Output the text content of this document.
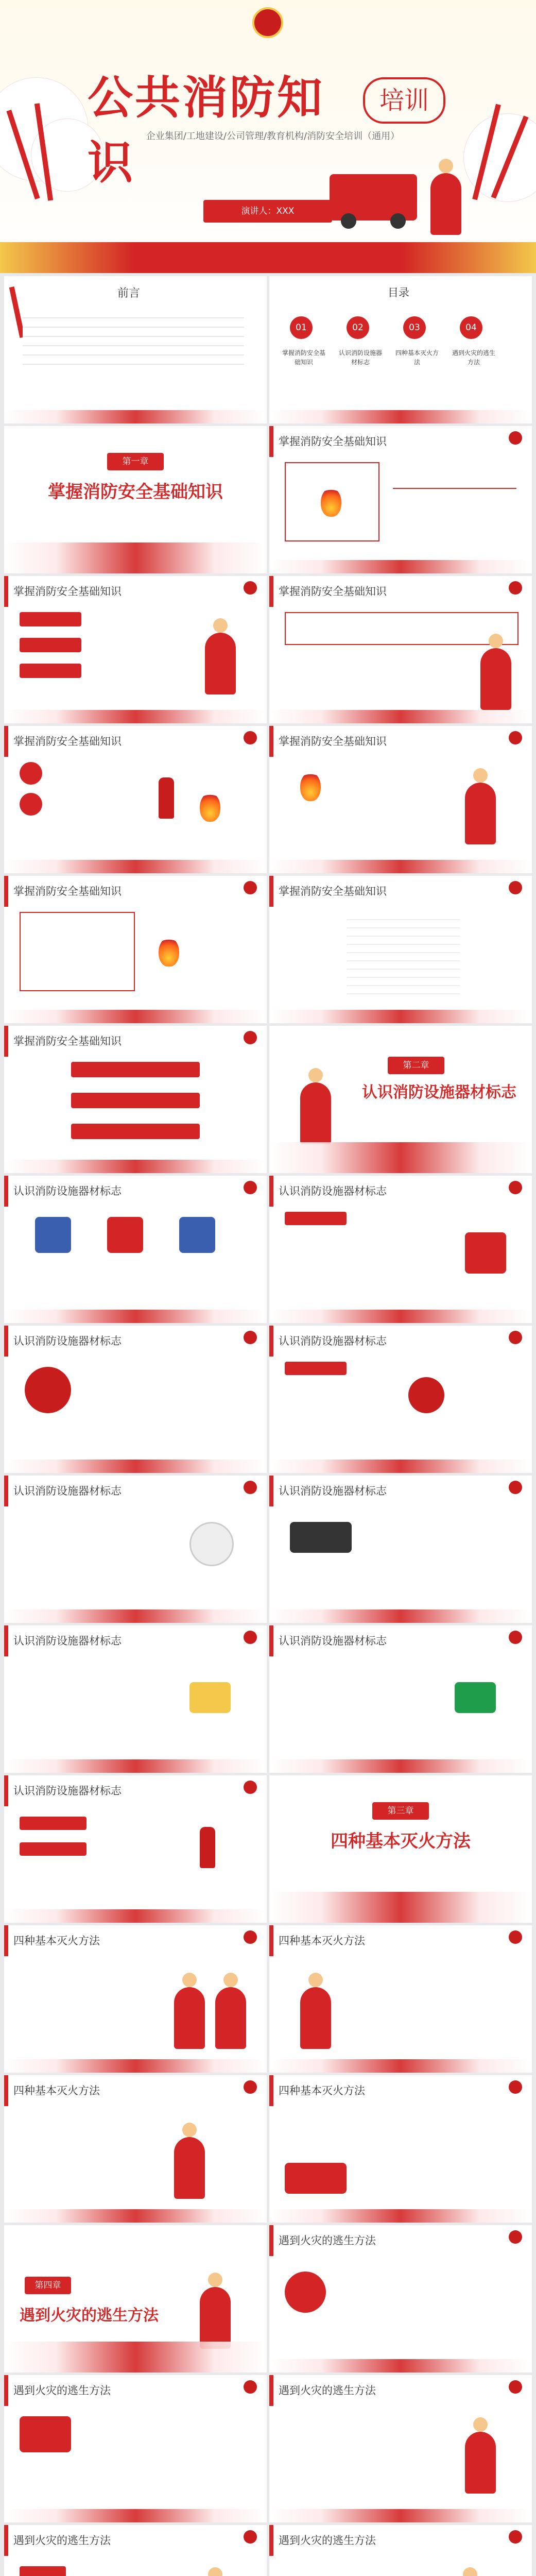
公共消防知识
培训
企业集团/工地建设/公司管理/教育机构/消防安全培训（通用）
演讲人：XXX
前言	目录
01	02	03	04
掌握消防安全基础知识
认识消防设施器材标志
四种基本灭火方法
遇到火灾的逃生方法
第一章
掌握消防安全基础知识
掌握消防安全基础知识
掌握消防安全基础知识	掌握消防安全基础知识
掌握消防安全基础知识	掌握消防安全基础知识
掌握消防安全基础知识	掌握消防安全基础知识
掌握消防安全基础知识
第二章
认识消防设施器材标志
认识消防设施器材标志	认识消防设施器材标志
认识消防设施器材标志	认识消防设施器材标志
认识消防设施器材标志	认识消防设施器材标志
认识消防设施器材标志	认识消防设施器材标志
认识消防设施器材标志
第三章
四种基本灭火方法
四种基本灭火方法	四种基本灭火方法
四种基本灭火方法	四种基本灭火方法
第四章
遇到火灾的逃生方法
遇到火灾的逃生方法
遇到火灾的逃生方法	遇到火灾的逃生方法
遇到火灾的逃生方法	遇到火灾的逃生方法
